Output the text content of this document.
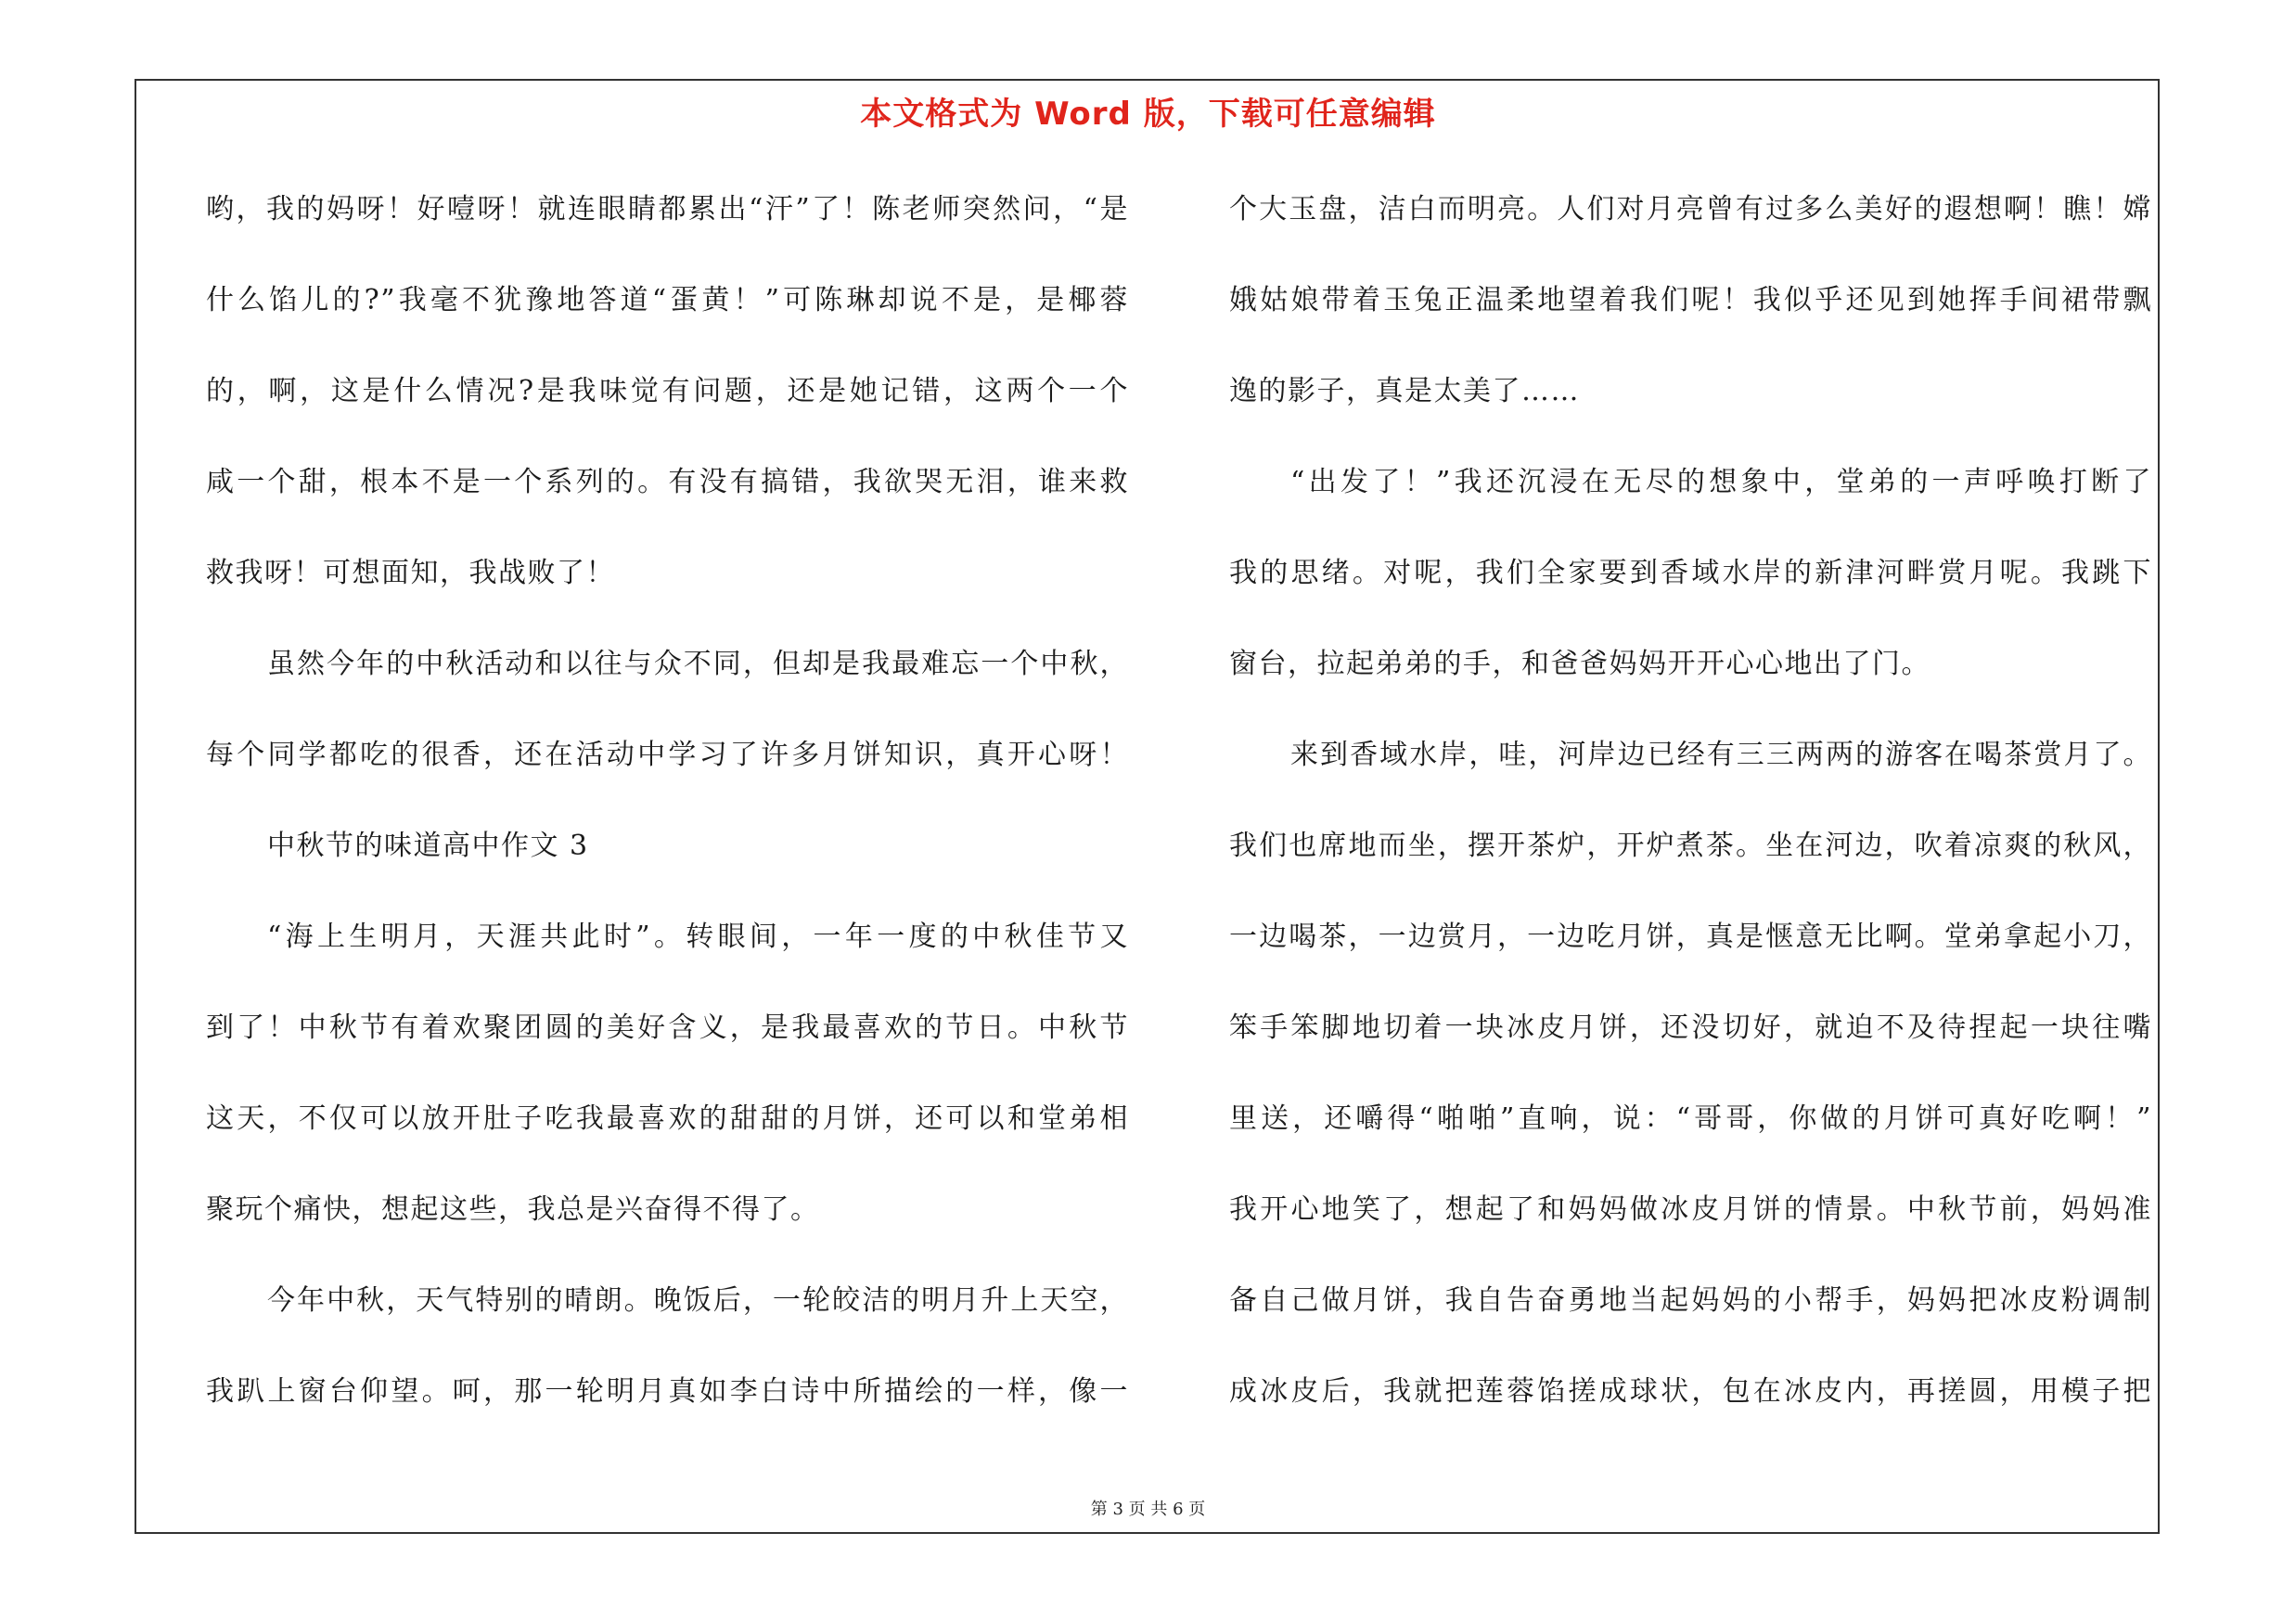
本文格式为 Word 版，下载可任意编辑
哟，我的妈呀！好噎呀！就连眼睛都累出“汗”了！陈老师突然问，“是
什么馅儿的?”我毫不犹豫地答道“蛋黄！”可陈琳却说不是，是椰蓉
的，啊，这是什么情况?是我味觉有问题，还是她记错，这两个一个
咸一个甜，根本不是一个系列的。有没有搞错，我欲哭无泪，谁来救
救我呀！可想面知，我战败了！
虽然今年的中秋活动和以往与众不同，但却是我最难忘一个中秋，
每个同学都吃的很香，还在活动中学习了许多月饼知识，真开心呀！
中秋节的味道高中作文 3
“海上生明月，天涯共此时”。转眼间，一年一度的中秋佳节又
到了！中秋节有着欢聚团圆的美好含义，是我最喜欢的节日。中秋节
这天，不仅可以放开肚子吃我最喜欢的甜甜的月饼，还可以和堂弟相
聚玩个痛快，想起这些，我总是兴奋得不得了。
今年中秋，天气特别的晴朗。晚饭后，一轮皎洁的明月升上天空，
我趴上窗台仰望。呵，那一轮明月真如李白诗中所描绘的一样，像一
个大玉盘，洁白而明亮。人们对月亮曾有过多么美好的遐想啊！瞧！嫦
娥姑娘带着玉兔正温柔地望着我们呢！我似乎还见到她挥手间裙带飘
逸的影子，真是太美了……
“出发了！”我还沉浸在无尽的想象中，堂弟的一声呼唤打断了
我的思绪。对呢，我们全家要到香域水岸的新津河畔赏月呢。我跳下
窗台，拉起弟弟的手，和爸爸妈妈开开心心地出了门。
来到香域水岸，哇，河岸边已经有三三两两的游客在喝茶赏月了。
我们也席地而坐，摆开茶炉，开炉煮茶。坐在河边，吹着凉爽的秋风，
一边喝茶，一边赏月，一边吃月饼，真是惬意无比啊。堂弟拿起小刀，
笨手笨脚地切着一块冰皮月饼，还没切好，就迫不及待捏起一块往嘴
里送，还嚼得“啪啪”直响，说：“哥哥，你做的月饼可真好吃啊！”
我开心地笑了，想起了和妈妈做冰皮月饼的情景。中秋节前，妈妈准
备自己做月饼，我自告奋勇地当起妈妈的小帮手，妈妈把冰皮粉调制
成冰皮后，我就把莲蓉馅搓成球状，包在冰皮内，再搓圆，用模子把
第 3 页 共 6 页
